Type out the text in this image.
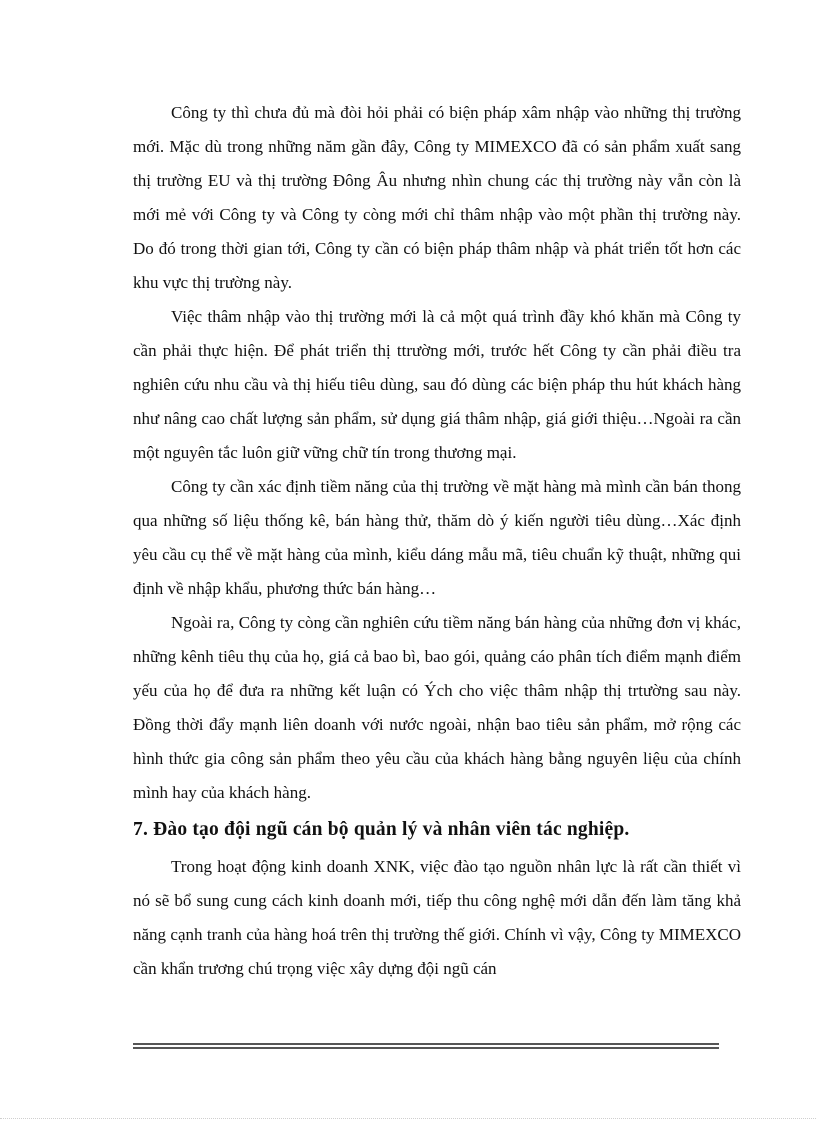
Công ty thì chưa đủ mà đòi hỏi phải có biện pháp xâm nhập vào những thị trường mới. Mặc dù trong những năm gần đây, Công ty MIMEXCO đã có sản phẩm xuất sang thị trường EU và thị trường Đông Âu nhưng nhìn chung các thị trường này vẫn còn là mới mẻ với Công ty và Công ty còng mới chỉ thâm nhập vào một phần thị trường này. Do đó trong thời gian tới, Công ty cần có biện pháp thâm nhập và phát triển tốt hơn các khu vực thị trường này.

Việc thâm nhập vào thị trường mới là cả một quá trình đầy khó khăn mà Công ty cần phải thực hiện. Để phát triển thị ttrường mới, trước hết Công ty cần phải điều tra nghiên cứu nhu cầu và thị hiếu tiêu dùng, sau đó dùng các biện pháp thu hút khách hàng như nâng cao chất lượng sản phẩm, sử dụng giá thâm nhập, giá giới thiệu…Ngoài ra cần một nguyên tắc luôn giữ vững chữ tín trong thương mại.

Công ty cần xác định tiềm năng của thị trường về mặt hàng mà mình cần bán thong qua những số liệu thống kê, bán hàng thử, thăm dò ý kiến người tiêu dùng…Xác định yêu cầu cụ thể về mặt hàng của mình, kiểu dáng mẫu mã, tiêu chuẩn kỹ thuật, những qui định về nhập khẩu, phương thức bán hàng…

Ngoài ra, Công ty còng cần nghiên cứu tiềm năng bán hàng của những đơn vị khác, những kênh tiêu thụ của họ, giá cả bao bì, bao gói, quảng cáo phân tích điểm mạnh điểm yếu của họ để đưa ra những kết luận có Ých cho việc thâm nhập thị trtường sau này. Đồng thời đẩy mạnh liên doanh với nước ngoài, nhận bao tiêu sản phẩm, mở rộng các hình thức gia công sản phẩm theo yêu cầu của khách hàng bằng nguyên liệu của chính mình hay của khách hàng.

7. Đào tạo đội ngũ cán bộ quản lý và nhân viên tác nghiệp.

Trong hoạt động kinh doanh XNK, việc đào tạo nguồn nhân lực là rất cần thiết vì nó sẽ bổ sung cung cách kinh doanh mới, tiếp thu công nghệ mới dẫn đến làm tăng khả năng cạnh tranh của hàng hoá trên thị trường thế giới. Chính vì vậy, Công ty MIMEXCO cần khẩn trương chú trọng việc xây dựng đội ngũ cán
